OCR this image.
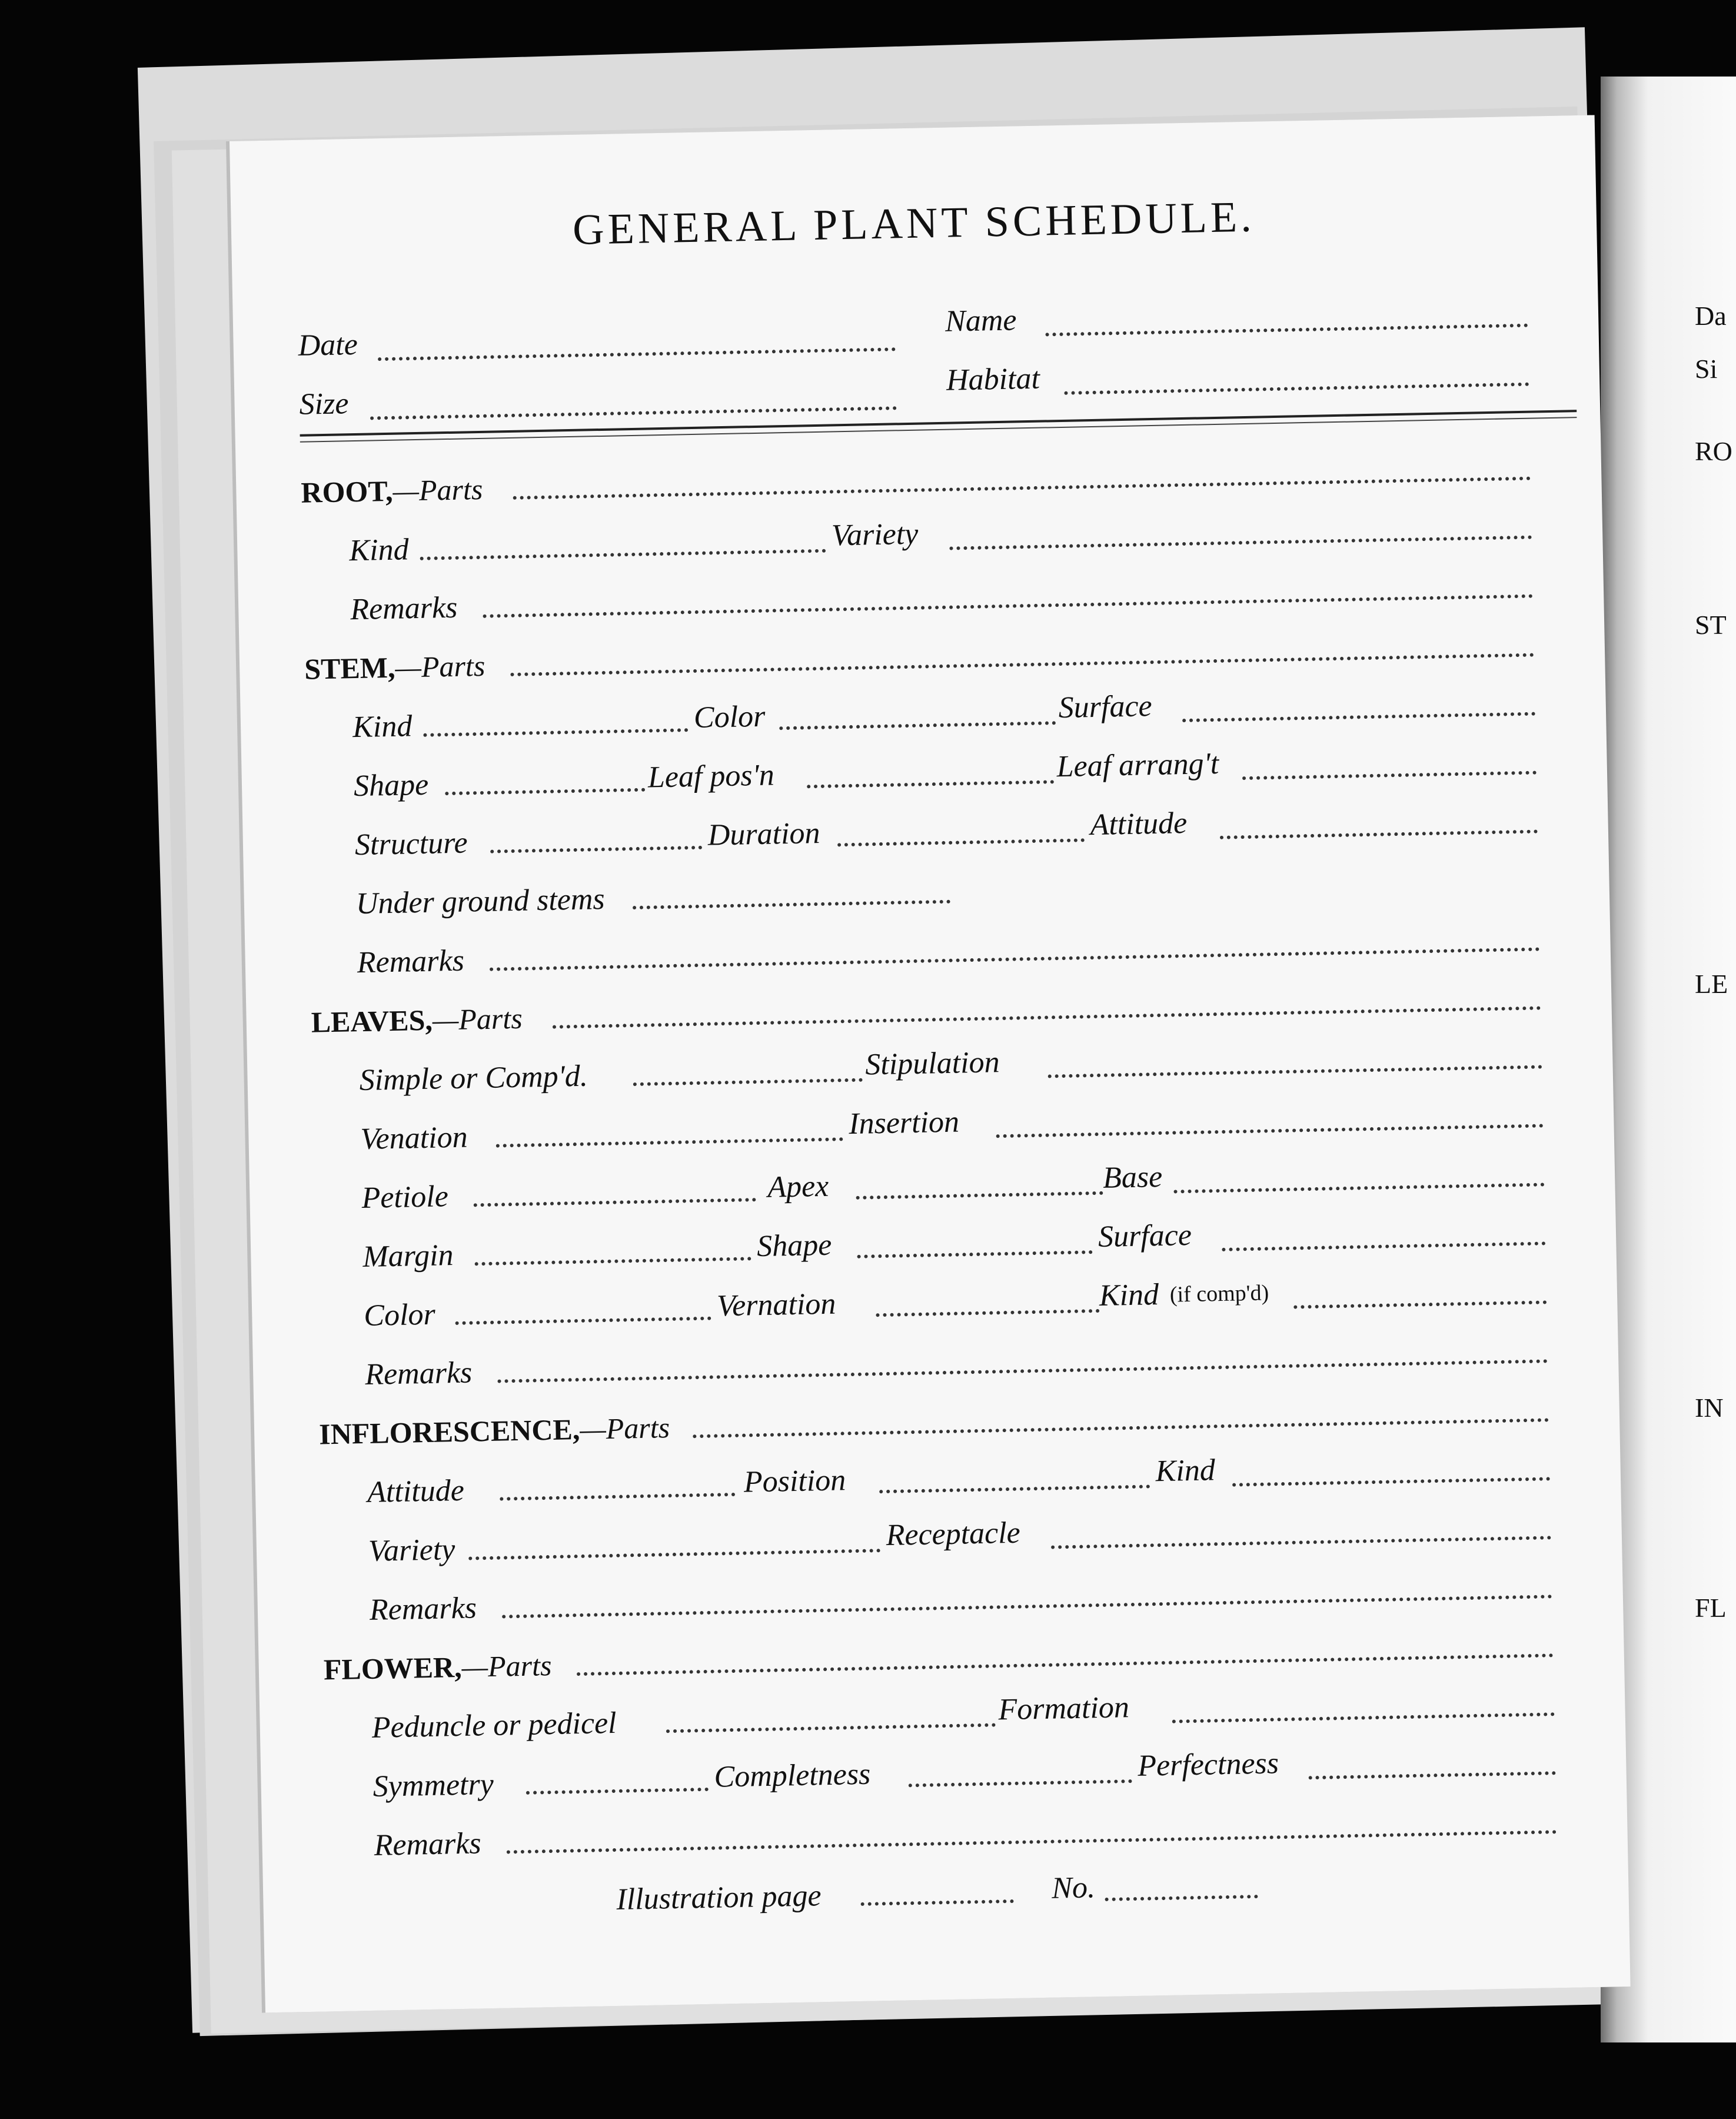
Da
Si
RO
ST
LE
IN
FL
GENERAL PLANT SCHEDULE.
Date
Name
Size
Habitat
ROOT,—Parts
Kind	Variety
Remarks
STEM,—Parts
Kind	Color	Surface
Shape	Leaf pos'n	Leaf arrang't
Structure	Duration	Attitude
Under ground stems
Remarks
LEAVES,—Parts
Simple or Comp'd.	Stipulation
Venation	Insertion
Petiole	Apex	Base
Margin	Shape	Surface
Color	Vernation	Kind (if comp'd)
Remarks
INFLORESCENCE,—Parts
Attitude	Position	Kind
Variety	Receptacle
Remarks
FLOWER,—Parts
Peduncle or pedicel	Formation
Symmetry	Completness	Perfectness
Remarks
Illustration page	No.
